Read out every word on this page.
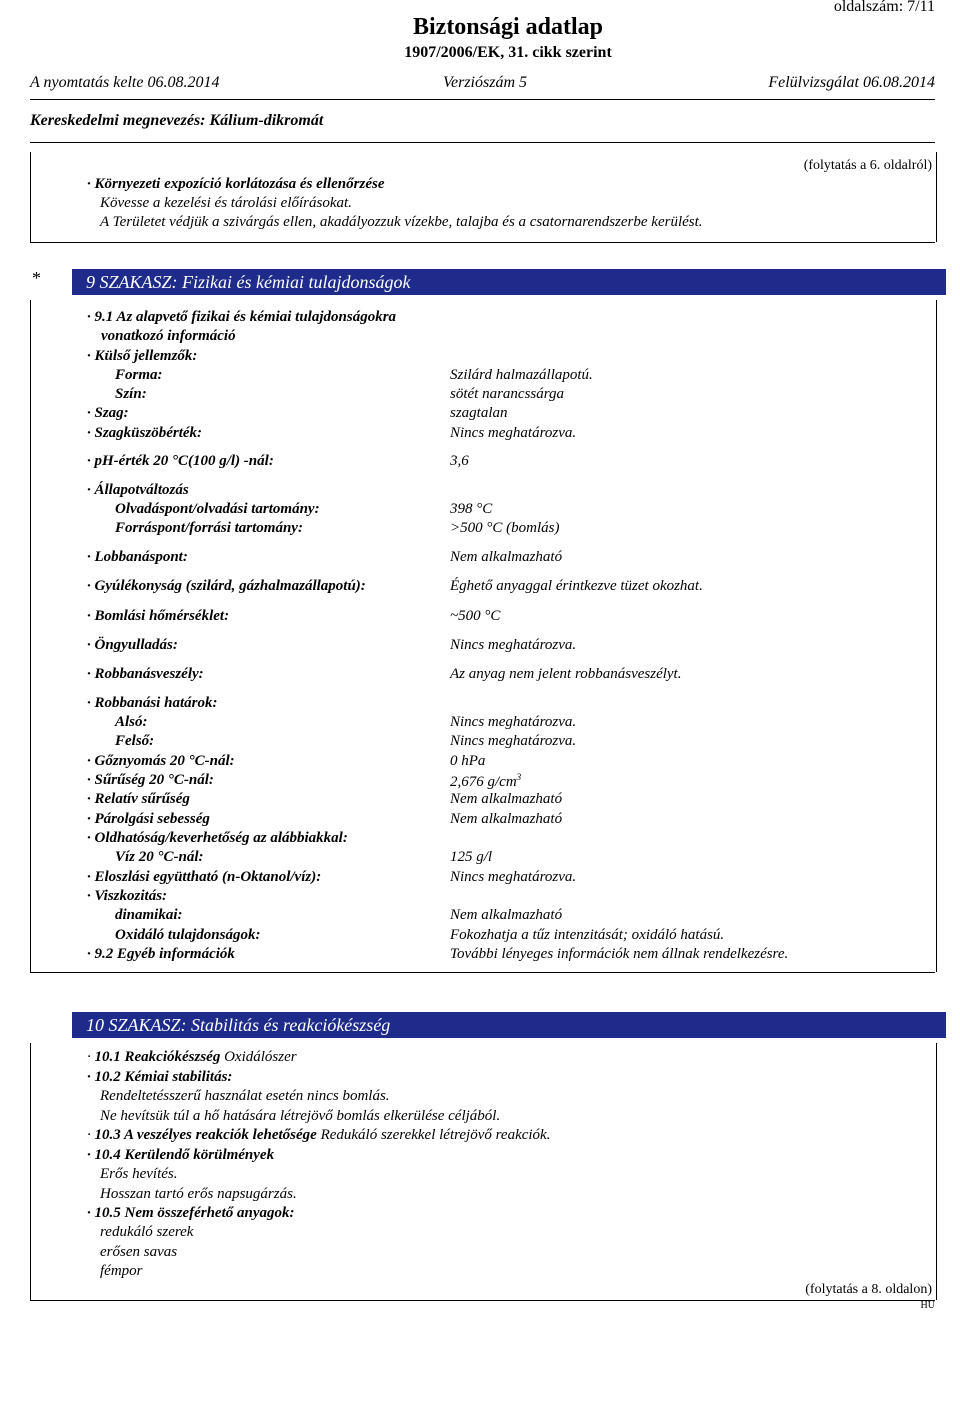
Biztonsági adatlap
1907/2006/EK, 31. cikk szerint
oldalszám: 7/11
A nyomtatás kelte 06.08.2014	Verziószám 5	Felülvizsgálat 06.08.2014
Kereskedelmi megnevezés: Kálium-dikromát
(folytatás a 6. oldalról)
· Környezeti expozíció korlátozása és ellenőrzése
Kövesse a kezelési és tárolási előírásokat.
A Területet védjük a szivárgás ellen, akadályozzuk vízekbe, talajba és a csatornarendszerbe kerülést.
*	9 SZAKASZ: Fizikai és kémiai tulajdonságok
· 9.1 Az alapvető fizikai és kémiai tulajdonságokra
vonatkozó információ
· Külső jellemzők:
Forma:	Szilárd halmazállapotú.
Szín:	sötét narancssárga
· Szag:	szagtalan
· Szagküszöbérték:	Nincs meghatározva.
· pH-érték 20 °C(100 g/l) -nál:	3,6
· Állapotváltozás
Olvadáspont/olvadási tartomány:	398 °C
Forráspont/forrási tartomány:	>500 °C (bomlás)
· Lobbanáspont:	Nem alkalmazható
· Gyúlékonyság (szilárd, gázhalmazállapotú):	Éghető anyaggal érintkezve tüzet okozhat.
· Bomlási hőmérséklet:	~500 °C
· Öngyulladás:	Nincs meghatározva.
· Robbanásveszély:	Az anyag nem jelent robbanásveszélyt.
· Robbanási határok:
Alsó:	Nincs meghatározva.
Felső:	Nincs meghatározva.
· Gőznyomás 20 °C-nál:	0 hPa
· Sűrűség 20 °C-nál:	2,676 $g/cm^3$
· Relatív sűrűség	Nem alkalmazható
· Párolgási sebesség	Nem alkalmazható
· Oldhatóság/keverhetőség az alábbiakkal:
Víz 20 °C-nál:	125 g/l
· Eloszlási együttható (n-Oktanol/víz):	Nincs meghatározva.
· Viszkozitás:
dinamikai:	Nem alkalmazható
Oxidáló tulajdonságok:	Fokozhatja a tűz intenzitását; oxidáló hatású.
· 9.2 Egyéb információk	További lényeges információk nem állnak rendelkezésre.
10 SZAKASZ: Stabilitás és reakciókészség
· 10.1 Reakciókészség Oxidálószer
· 10.2 Kémiai stabilitás:
Rendeltetésszerű használat esetén nincs bomlás.
Ne hevítsük túl a hő hatására létrejövő bomlás elkerülése céljából.
· 10.3 A veszélyes reakciók lehetősége Redukáló szerekkel létrejövő reakciók.
· 10.4 Kerülendő körülmények
Erős hevítés.
Hosszan tartó erős napsugárzás.
· 10.5 Nem összeférhető anyagok:
redukáló szerek
erősen savas
fémpor
(folytatás a 8. oldalon)
HU
